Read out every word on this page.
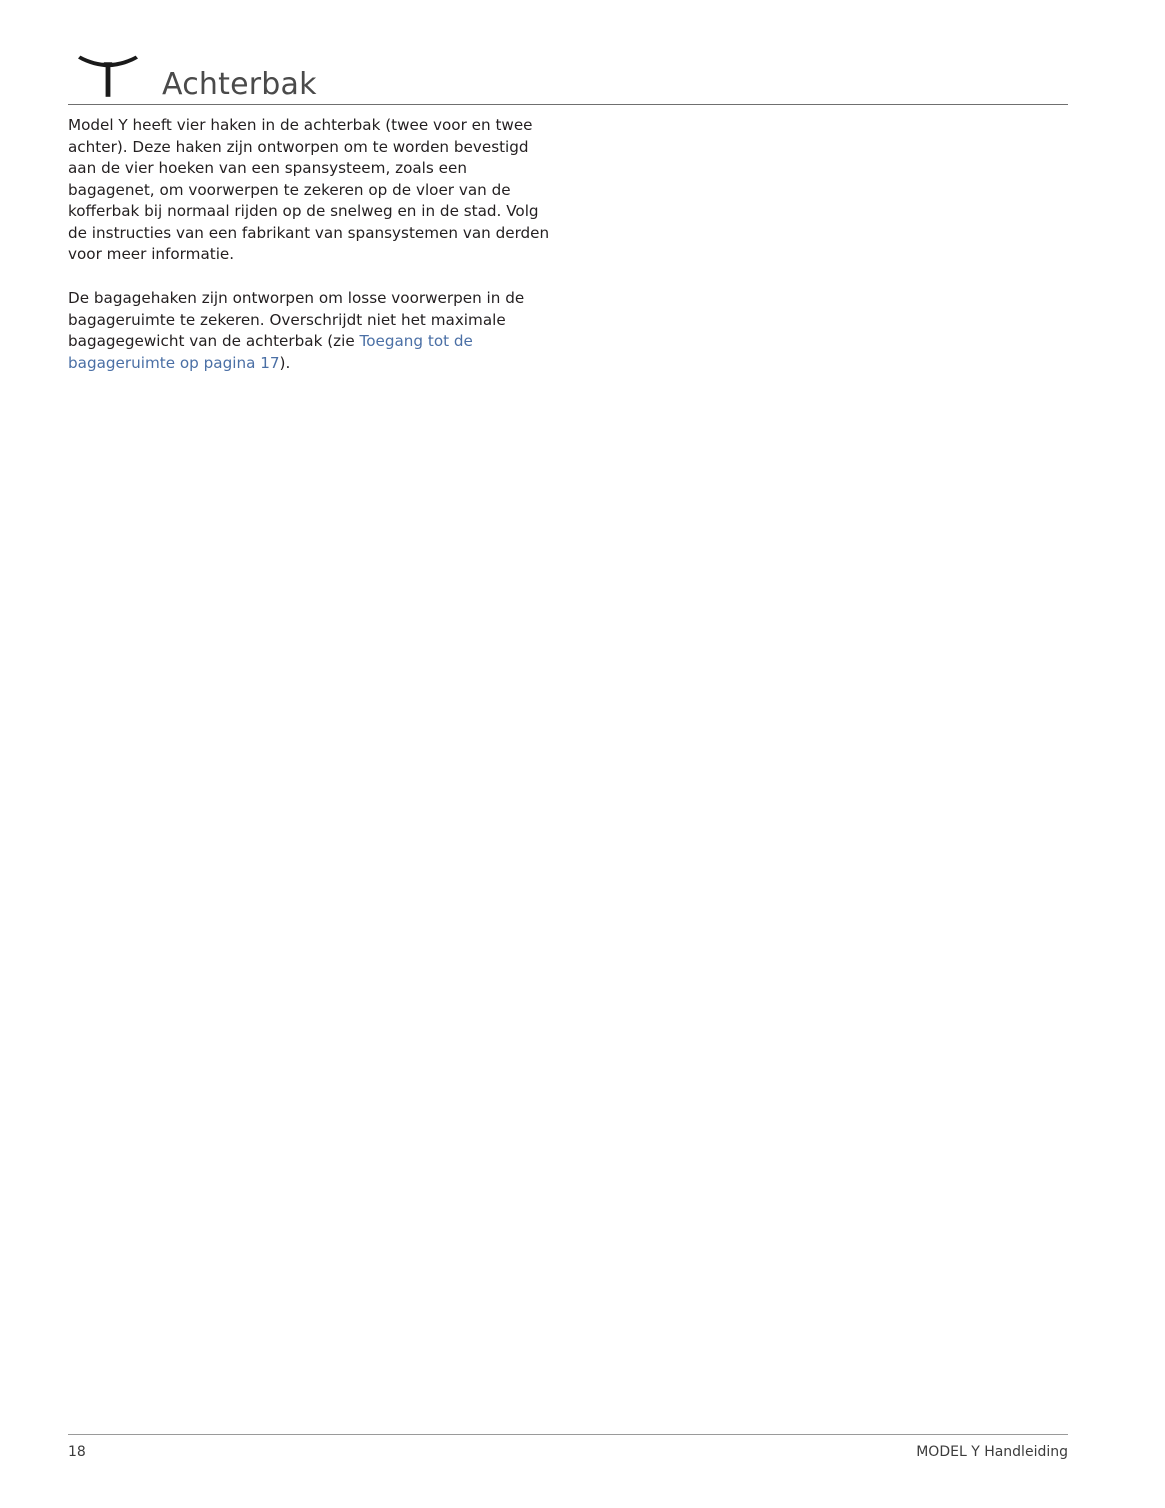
Achterbak

Model Y heeft vier haken in de achterbak (twee voor en twee achter). Deze haken zijn ontworpen om te worden bevestigd aan de vier hoeken van een spansysteem, zoals een bagagenet, om voorwerpen te zekeren op de vloer van de kofferbak bij normaal rijden op de snelweg en in de stad. Volg de instructies van een fabrikant van spansystemen van derden voor meer informatie.

De bagagehaken zijn ontworpen om losse voorwerpen in de bagageruimte te zekeren. Overschrijdt niet het maximale bagagegewicht van de achterbak (zie Toegang tot de bagageruimte op pagina 17).

18	MODEL Y Handleiding
